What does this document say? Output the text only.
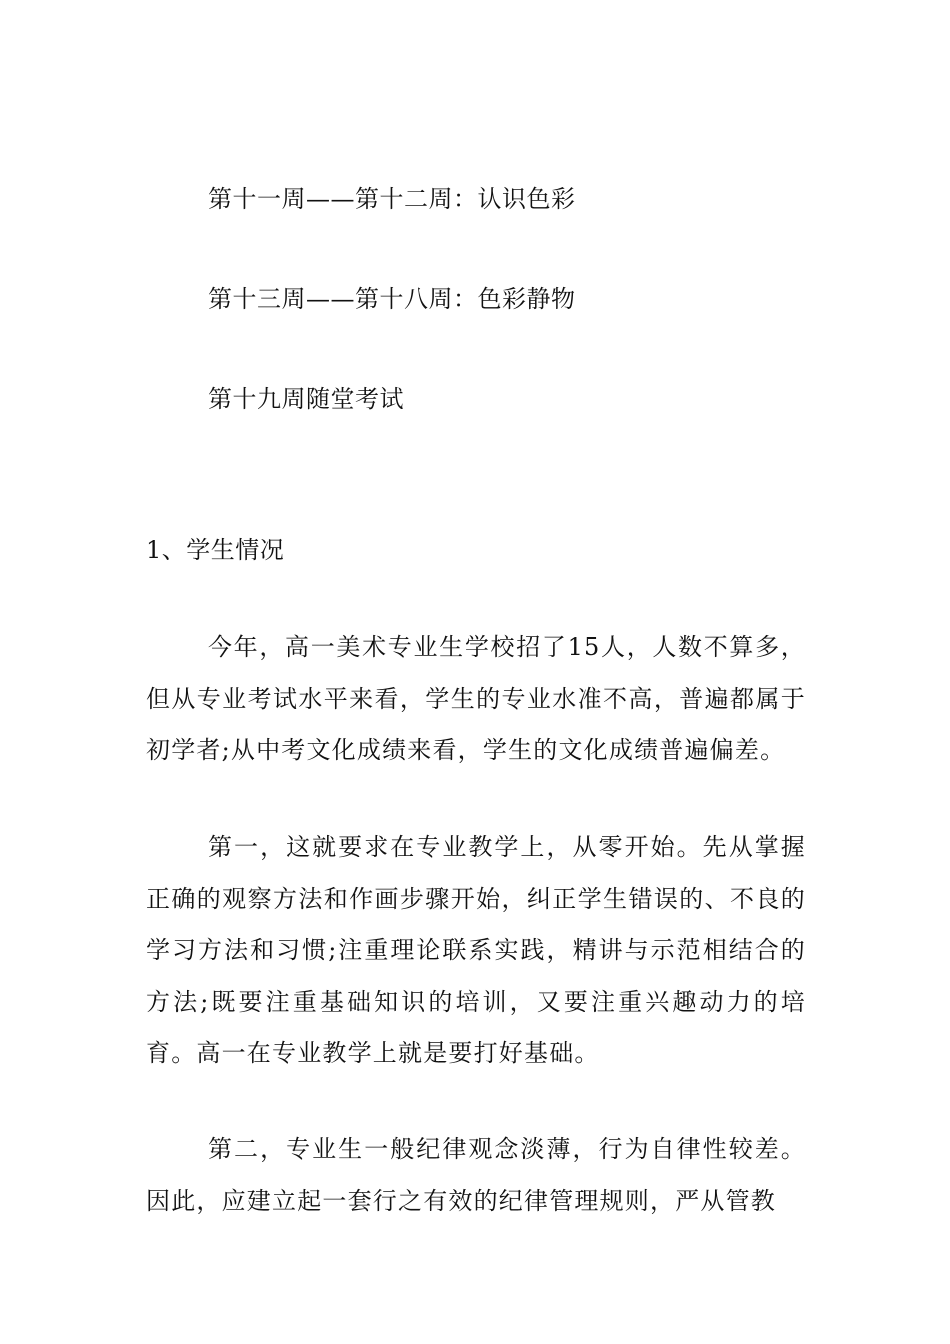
第十一周——第十二周：认识色彩
第十三周——第十八周：色彩静物
第十九周随堂考试
1、学生情况

今年，高一美术专业生学校招了15人，人数不算多，但从专业考试水平来看，学生的专业水准不高，普遍都属于初学者;从中考文化成绩来看，学生的文化成绩普遍偏差。

第一，这就要求在专业教学上，从零开始。先从掌握正确的观察方法和作画步骤开始，纠正学生错误的、不良的学习方法和习惯;注重理论联系实践，精讲与示范相结合的方法;既要注重基础知识的培训，又要注重兴趣动力的培育。高一在专业教学上就是要打好基础。

第二，专业生一般纪律观念淡薄，行为自律性较差。因此，应建立起一套行之有效的纪律管理规则，严从管教
